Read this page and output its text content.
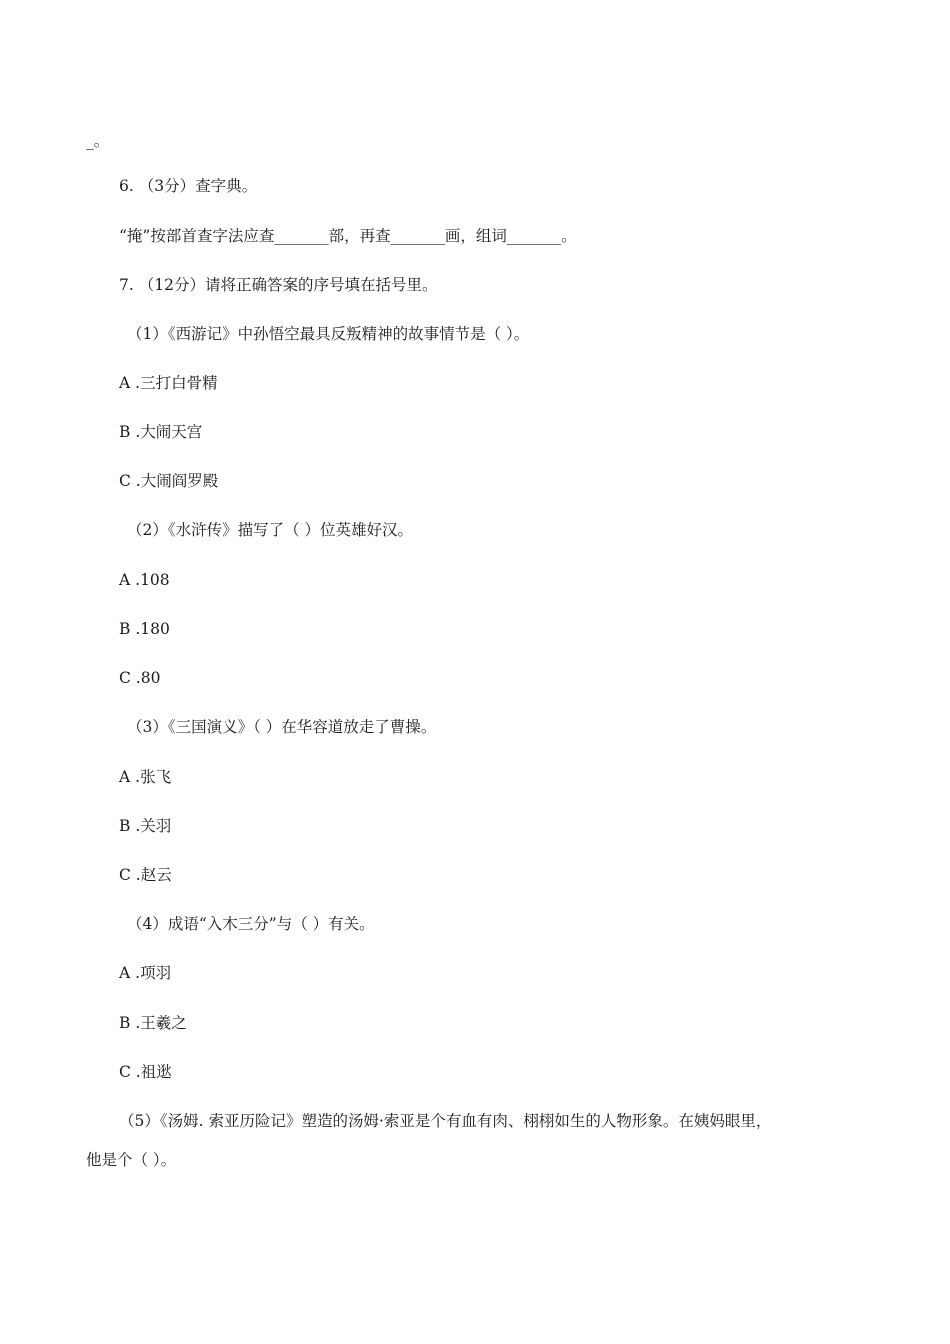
_。
6. （3分）查字典。
“掩”按部首查字法应查_______部，再查_______画，组词_______。
7. （12分）请将正确答案的序号填在括号里。
（1）《西游记》中孙悟空最具反叛精神的故事情节是（ ）。
A .三打白骨精
B .大闹天宫
C .大闹阎罗殿
（2）《水浒传》描写了（ ）位英雄好汉。
A .108
B .180
C .80
（3）《三国演义》（ ）在华容道放走了曹操。
A .张飞
B .关羽
C .赵云
（4）成语“入木三分”与（ ）有关。
A .项羽
B .王羲之
C .祖逖
（5）《汤姆. 索亚历险记》塑造的汤姆·索亚是个有血有肉、栩栩如生的人物形象。在姨妈眼里，
他是个（ ）。
